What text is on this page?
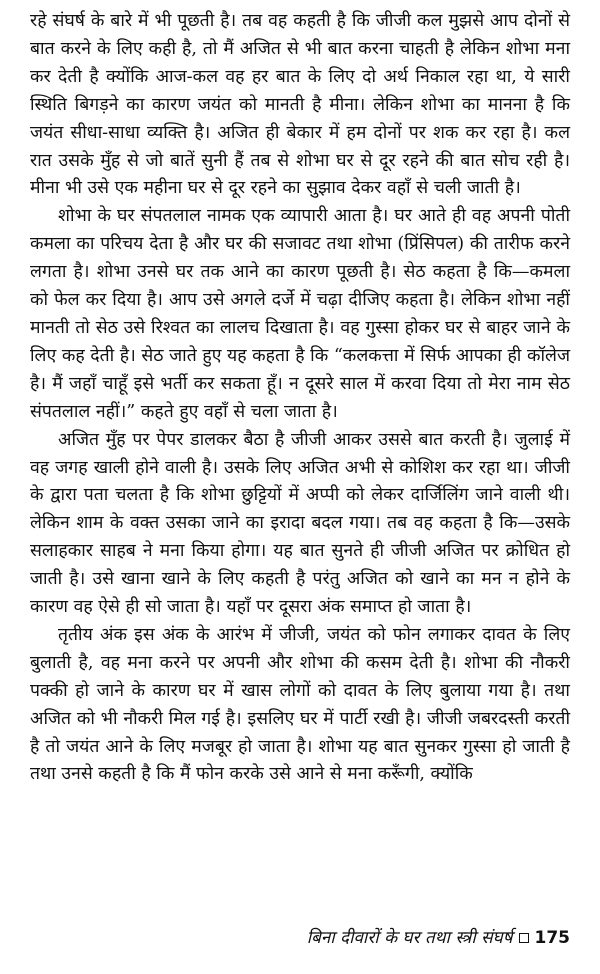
रहे संघर्ष के बारे में भी पूछती है। तब वह कहती है कि जीजी कल मुझसे आप दोनों से बात करने के लिए कही है, तो मैं अजित से भी बात करना चाहती है लेकिन शोभा मना कर देती है क्योंकि आज-कल वह हर बात के लिए दो अर्थ निकाल रहा था, ये सारी स्थिति बिगड़ने का कारण जयंत को मानती है मीना। लेकिन शोभा का मानना है कि जयंत सीधा-साधा व्यक्ति है। अजित ही बेकार में हम दोनों पर शक कर रहा है। कल रात उसके मुँह से जो बातें सुनी हैं तब से शोभा घर से दूर रहने की बात सोच रही है। मीना भी उसे एक महीना घर से दूर रहने का सुझाव देकर वहाँ से चली जाती है।

शोभा के घर संपतलाल नामक एक व्यापारी आता है। घर आते ही वह अपनी पोती कमला का परिचय देता है और घर की सजावट तथा शोभा (प्रिंसिपल) की तारीफ करने लगता है। शोभा उनसे घर तक आने का कारण पूछती है। सेठ कहता है कि—कमला को फेल कर दिया है। आप उसे अगले दर्जे में चढ़ा दीजिए कहता है। लेकिन शोभा नहीं मानती तो सेठ उसे रिश्वत का लालच दिखाता है। वह गुस्सा होकर घर से बाहर जाने के लिए कह देती है। सेठ जाते हुए यह कहता है कि “कलकत्ता में सिर्फ आपका ही कॉलेज है। मैं जहाँ चाहूँ इसे भर्ती कर सकता हूँ। न दूसरे साल में करवा दिया तो मेरा नाम सेठ संपतलाल नहीं।” कहते हुए वहाँ से चला जाता है।

अजित मुँह पर पेपर डालकर बैठा है जीजी आकर उससे बात करती है। जुलाई में वह जगह खाली होने वाली है। उसके लिए अजित अभी से कोशिश कर रहा था। जीजी के द्वारा पता चलता है कि शोभा छुट्टियों में अप्पी को लेकर दार्जिलिंग जाने वाली थी। लेकिन शाम के वक्त उसका जाने का इरादा बदल गया। तब वह कहता है कि—उसके सलाहकार साहब ने मना किया होगा। यह बात सुनते ही जीजी अजित पर क्रोधित हो जाती है। उसे खाना खाने के लिए कहती है परंतु अजित को खाने का मन न होने के कारण वह ऐसे ही सो जाता है। यहाँ पर दूसरा अंक समाप्त हो जाता है।

तृतीय अंक इस अंक के आरंभ में जीजी, जयंत को फोन लगाकर दावत के लिए बुलाती है, वह मना करने पर अपनी और शोभा की कसम देती है। शोभा की नौकरी पक्की हो जाने के कारण घर में खास लोगों को दावत के लिए बुलाया गया है। तथा अजित को भी नौकरी मिल गई है। इसलिए घर में पार्टी रखी है। जीजी जबरदस्ती करती है तो जयंत आने के लिए मजबूर हो जाता है। शोभा यह बात सुनकर गुस्सा हो जाती है तथा उनसे कहती है कि मैं फोन करके उसे आने से मना करूँगी, क्योंकि

बिना दीवारों के घर तथा स्त्री संघर्ष 175
